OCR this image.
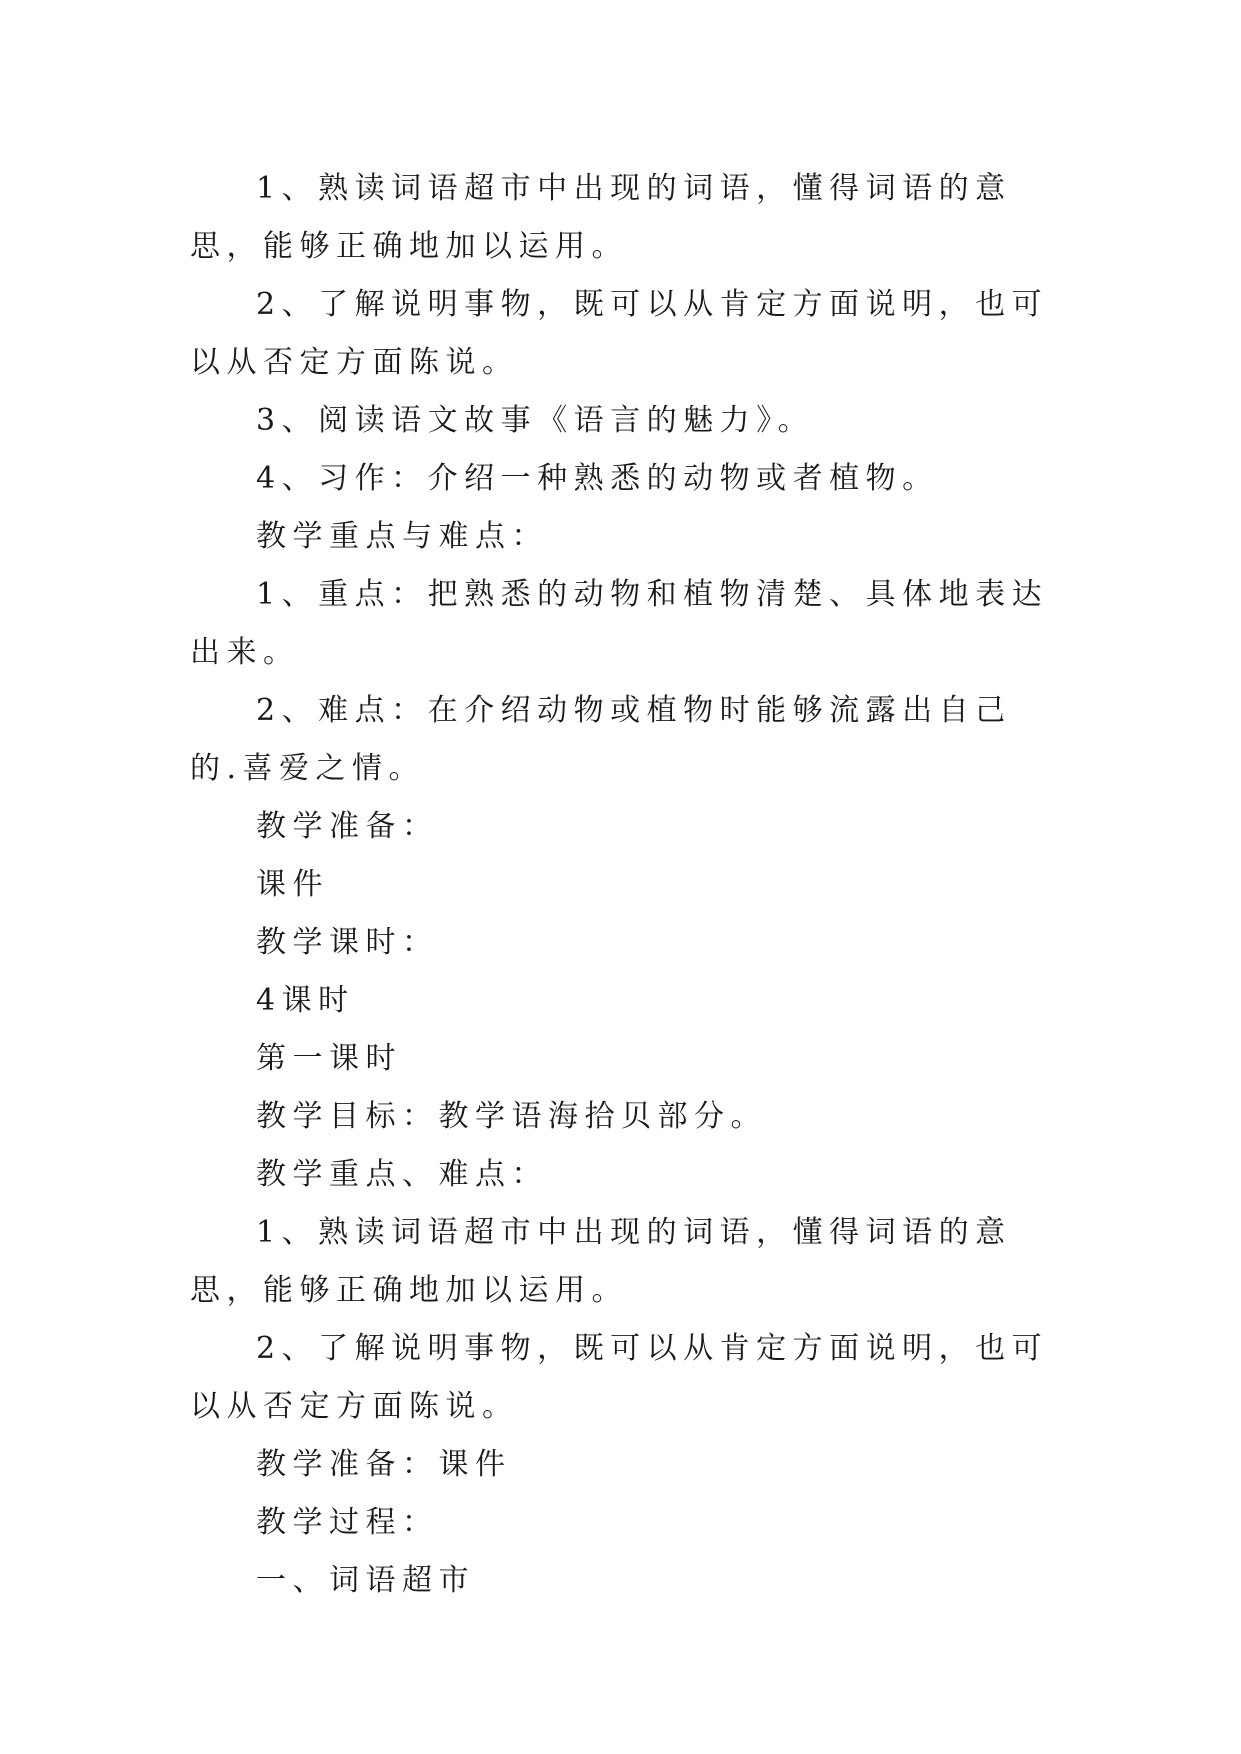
1、熟读词语超市中出现的词语，懂得词语的意思，能够正确地加以运用。

2、了解说明事物，既可以从肯定方面说明，也可以从否定方面陈说。

3、阅读语文故事《语言的魅力》。

4、习作：介绍一种熟悉的动物或者植物。

教学重点与难点：

1、重点：把熟悉的动物和植物清楚、具体地表达出来。

2、难点：在介绍动物或植物时能够流露出自己的.喜爱之情。

教学准备：

课件

教学课时：

4课时

第一课时

教学目标：教学语海拾贝部分。

教学重点、难点：

1、熟读词语超市中出现的词语，懂得词语的意思，能够正确地加以运用。

2、了解说明事物，既可以从肯定方面说明，也可以从否定方面陈说。

教学准备：课件

教学过程：

一、词语超市
